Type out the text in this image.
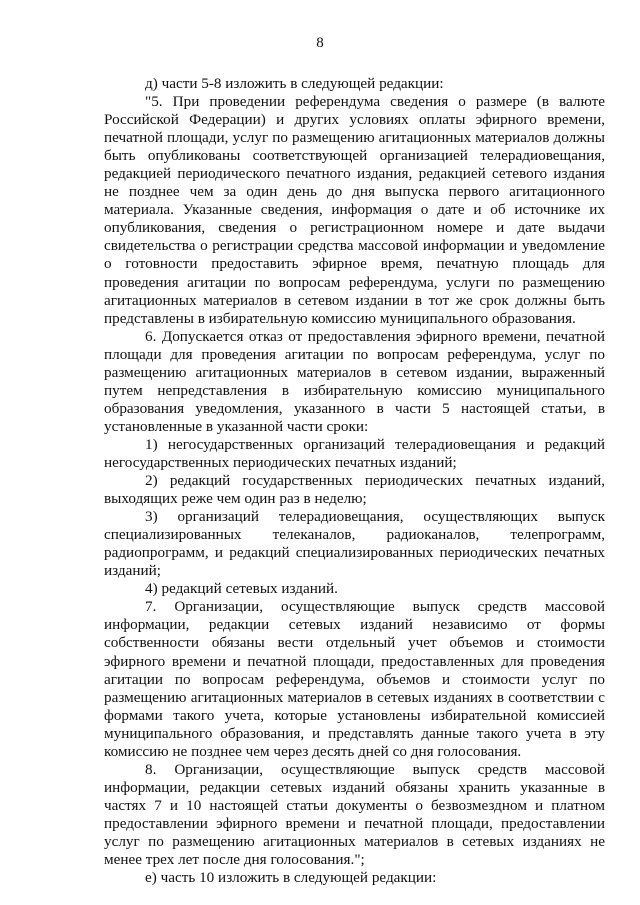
8

д) части 5-8 изложить в следующей редакции:

"5. При проведении референдума сведения о размере (в валюте Российской Федерации) и других условиях оплаты эфирного времени, печатной площади, услуг по размещению агитационных материалов должны быть опубликованы соответствующей организацией телерадиовещания, редакцией периодического печатного издания, редакцией сетевого издания не позднее чем за один день до дня выпуска первого агитационного материала. Указанные сведения, информация о дате и об источнике их опубликования, сведения о регистрационном номере и дате выдачи свидетельства о регистрации средства массовой информации и уведомление о готовности предоставить эфирное время, печатную площадь для проведения агитации по вопросам референдума, услуги по размещению агитационных материалов в сетевом издании в тот же срок должны быть представлены в избирательную комиссию муниципального образования.

6. Допускается отказ от предоставления эфирного времени, печатной площади для проведения агитации по вопросам референдума, услуг по размещению агитационных материалов в сетевом издании, выраженный путем непредставления в избирательную комиссию муниципального образования уведомления, указанного в части 5 настоящей статьи, в установленные в указанной части сроки:

1) негосударственных организаций телерадиовещания и редакций негосударственных периодических печатных изданий;

2) редакций государственных периодических печатных изданий, выходящих реже чем один раз в неделю;

3) организаций телерадиовещания, осуществляющих выпуск специализированных телеканалов, радиоканалов, телепрограмм, радиопрограмм, и редакций специализированных периодических печатных изданий;

4) редакций сетевых изданий.

7. Организации, осуществляющие выпуск средств массовой информации, редакции сетевых изданий независимо от формы собственности обязаны вести отдельный учет объемов и стоимости эфирного времени и печатной площади, предоставленных для проведения агитации по вопросам референдума, объемов и стоимости услуг по размещению агитационных материалов в сетевых изданиях в соответствии с формами такого учета, которые установлены избирательной комиссией муниципального образования, и представлять данные такого учета в эту комиссию не позднее чем через десять дней со дня голосования.

8. Организации, осуществляющие выпуск средств массовой информации, редакции сетевых изданий обязаны хранить указанные в частях 7 и 10 настоящей статьи документы о безвозмездном и платном предоставлении эфирного времени и печатной площади, предоставлении услуг по размещению агитационных материалов в сетевых изданиях не менее трех лет после дня голосования.";

е) часть 10 изложить в следующей редакции:
